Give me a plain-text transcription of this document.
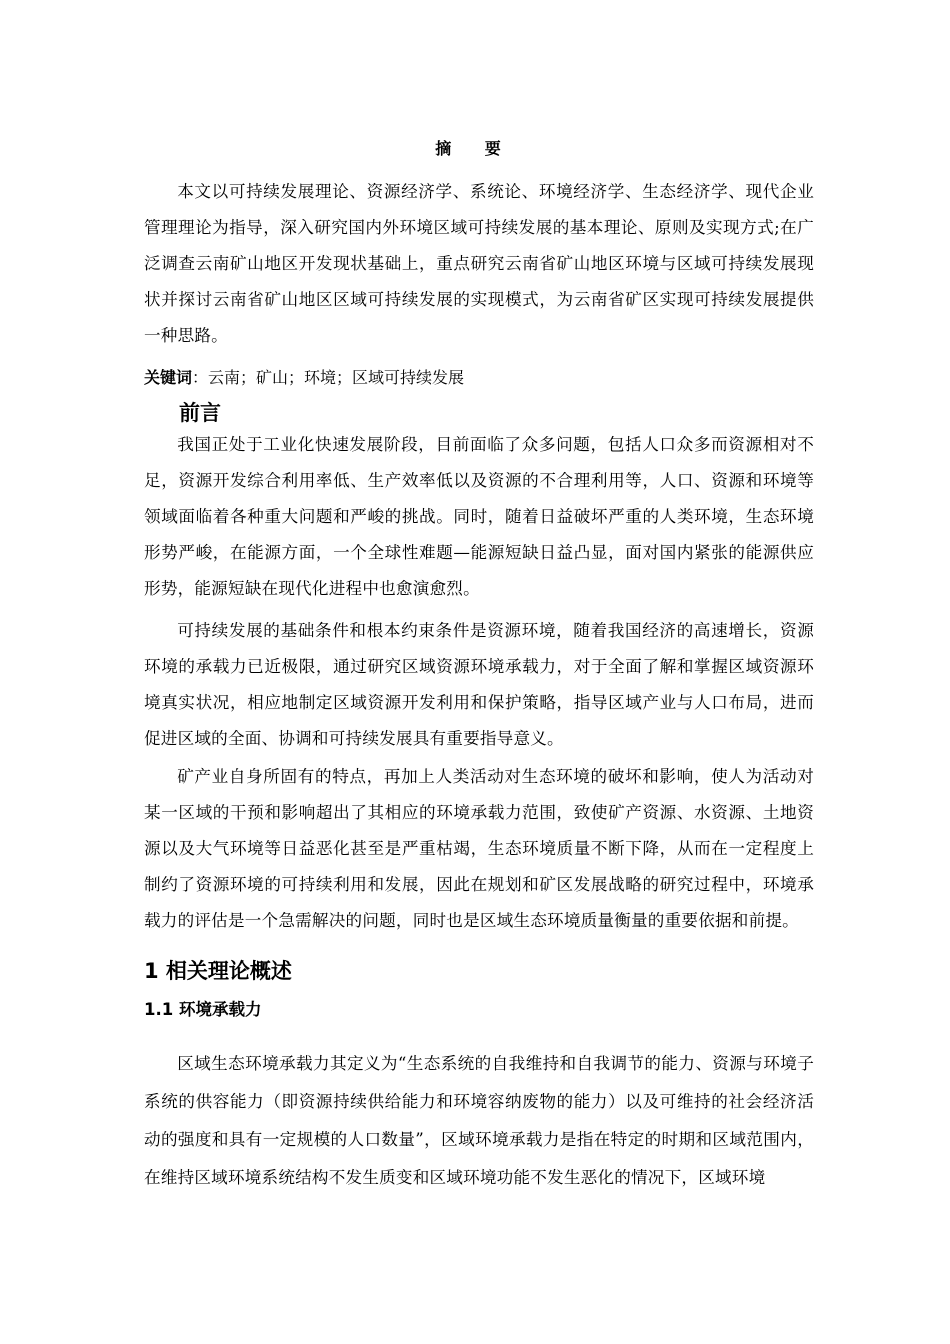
摘 要
本文以可持续发展理论、资源经济学、系统论、环境经济学、生态经济学、现代企业管理理论为指导，深入研究国内外环境区域可持续发展的基本理论、原则及实现方式;在广泛调查云南矿山地区开发现状基础上，重点研究云南省矿山地区环境与区域可持续发展现状并探讨云南省矿山地区区域可持续发展的实现模式，为云南省矿区实现可持续发展提供一种思路。
关键词：云南；矿山；环境；区域可持续发展
前言
我国正处于工业化快速发展阶段，目前面临了众多问题，包括人口众多而资源相对不足，资源开发综合利用率低、生产效率低以及资源的不合理利用等，人口、资源和环境等领域面临着各种重大问题和严峻的挑战。同时，随着日益破坏严重的人类环境，生态环境形势严峻，在能源方面，一个全球性难题—能源短缺日益凸显，面对国内紧张的能源供应形势，能源短缺在现代化进程中也愈演愈烈。
可持续发展的基础条件和根本约束条件是资源环境，随着我国经济的高速增长，资源环境的承载力已近极限，通过研究区域资源环境承载力，对于全面了解和掌握区域资源环境真实状况，相应地制定区域资源开发利用和保护策略，指导区域产业与人口布局，进而促进区域的全面、协调和可持续发展具有重要指导意义。
矿产业自身所固有的特点，再加上人类活动对生态环境的破坏和影响，使人为活动对某一区域的干预和影响超出了其相应的环境承载力范围，致使矿产资源、水资源、土地资源以及大气环境等日益恶化甚至是严重枯竭，生态环境质量不断下降，从而在一定程度上制约了资源环境的可持续利用和发展，因此在规划和矿区发展战略的研究过程中，环境承载力的评估是一个急需解决的问题，同时也是区域生态环境质量衡量的重要依据和前提。
1 相关理论概述
1.1 环境承载力
区域生态环境承载力其定义为“生态系统的自我维持和自我调节的能力、资源与环境子系统的供容能力（即资源持续供给能力和环境容纳废物的能力）以及可维持的社会经济活动的强度和具有一定规模的人口数量”，区域环境承载力是指在特定的时期和区域范围内，在维持区域环境系统结构不发生质变和区域环境功能不发生恶化的情况下，区域环境
